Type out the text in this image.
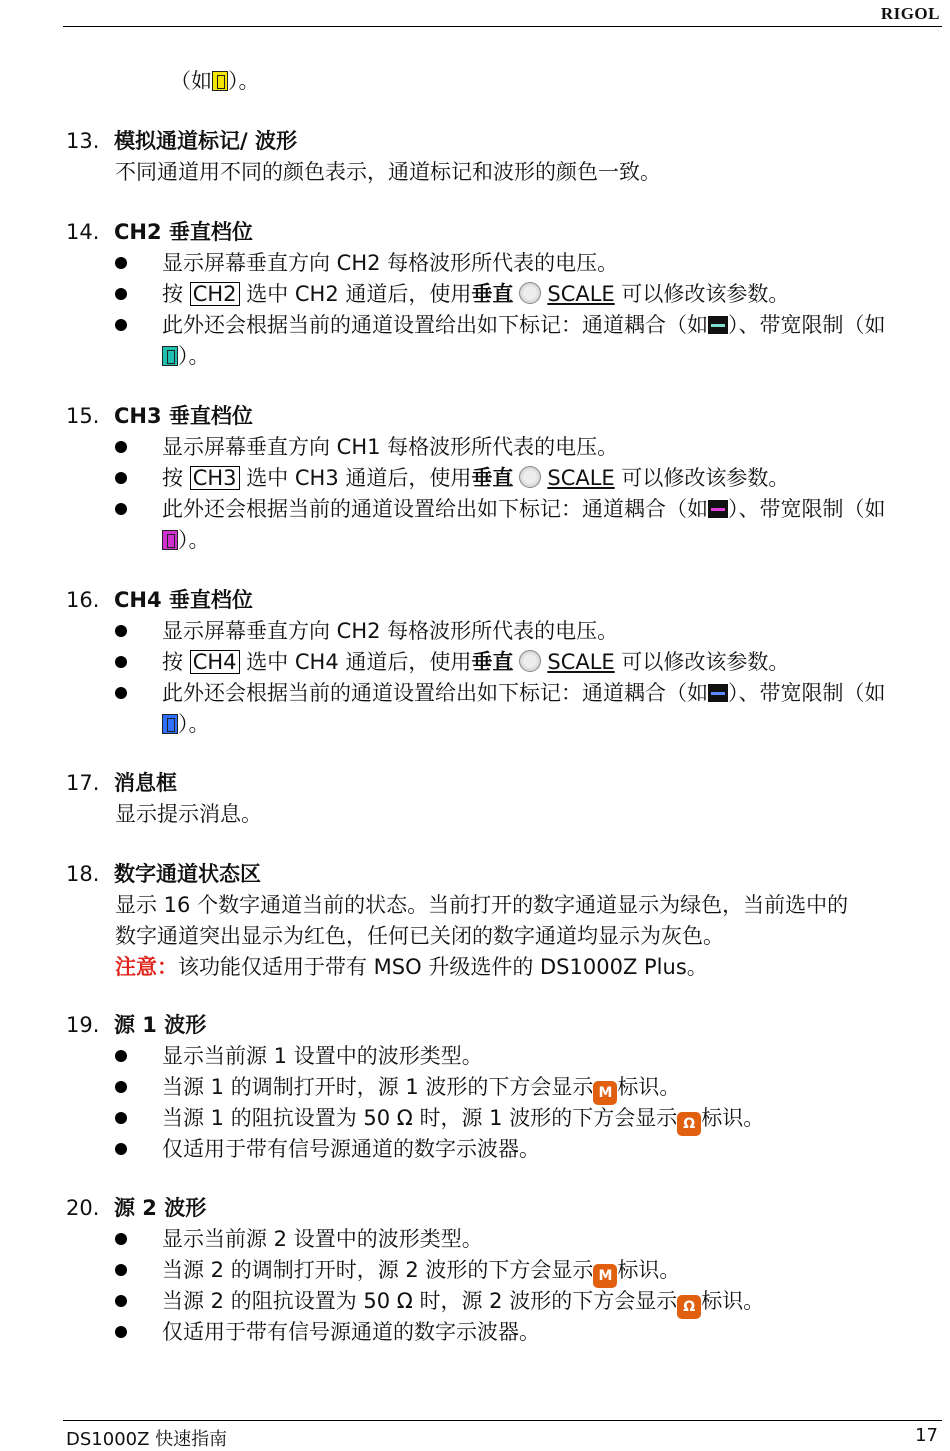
RIGOL
（如 ）。
13. 模拟通道标记/ 波形
不同通道用不同的颜色表示，通道标记和波形的颜色一致。
14. CH2 垂直档位
显示屏幕垂直方向 CH2 每格波形所代表的电压。
按 CH2 选中 CH2 通道后，使用垂直 SCALE 可以修改该参数。
此外还会根据当前的通道设置给出如下标记：通道耦合（如 ）、带宽限制（如
）。
15. CH3 垂直档位
显示屏幕垂直方向 CH1 每格波形所代表的电压。
按 CH3 选中 CH3 通道后，使用垂直 SCALE 可以修改该参数。
此外还会根据当前的通道设置给出如下标记：通道耦合（如 ）、带宽限制（如
）。
16. CH4 垂直档位
显示屏幕垂直方向 CH2 每格波形所代表的电压。
按 CH4 选中 CH4 通道后，使用垂直 SCALE 可以修改该参数。
此外还会根据当前的通道设置给出如下标记：通道耦合（如 ）、带宽限制（如
）。
17. 消息框
显示提示消息。
18. 数字通道状态区
显示 16 个数字通道当前的状态。当前打开的数字通道显示为绿色，当前选中的
数字通道突出显示为红色，任何已关闭的数字通道均显示为灰色。
注意：该功能仅适用于带有 MSO 升级选件的 DS1000Z Plus。
19. 源 1 波形
显示当前源 1 设置中的波形类型。
当源 1 的调制打开时，源 1 波形的下方会显示 M 标识。
当源 1 的阻抗设置为 50 Ω 时，源 1 波形的下方会显示 Ω 标识。
仅适用于带有信号源通道的数字示波器。
20. 源 2 波形
显示当前源 2 设置中的波形类型。
当源 2 的调制打开时，源 2 波形的下方会显示 M 标识。
当源 2 的阻抗设置为 50 Ω 时，源 2 波形的下方会显示 Ω 标识。
仅适用于带有信号源通道的数字示波器。
DS1000Z 快速指南	17
